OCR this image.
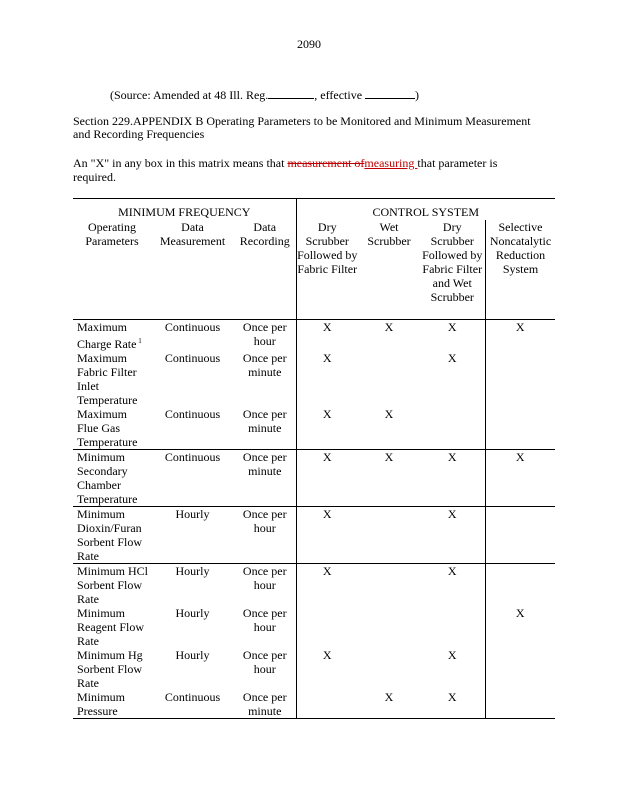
2090
(Source: Amended at 48 Ill. Reg.	, effective	)
Section 229.APPENDIX B Operating Parameters to be Monitored and Minimum Measurement and Recording Frequencies
An "X" in any box in this matrix means that measurement ofmeasuring that parameter is required.
MINIMUM FREQUENCY			CONTROL SYSTEM			
Operating Parameters	Data Measurement	Data Recording	Dry Scrubber Followed by Fabric Filter	Wet Scrubber	Dry Scrubber Followed by Fabric Filter and Wet Scrubber	Selective Noncatalytic Reduction System

Maximum Charge Rate $^1$	Continuous	Once per hour	X	X	X	X
Maximum Fabric Filter Inlet Temperature	Continuous	Once per minute	X		X	
Maximum Flue Gas Temperature	Continuous	Once per minute	X	X		
Minimum Secondary Chamber Temperature	Continuous	Once per minute	X	X	X	X
Minimum Dioxin/Furan Sorbent Flow Rate	Hourly	Once per hour	X		X	
Minimum HCl Sorbent Flow Rate	Hourly	Once per hour	X		X	
Minimum Reagent Flow Rate	Hourly	Once per hour				X
Minimum Hg Sorbent Flow Rate	Hourly	Once per hour	X		X	
Minimum Pressure	Continuous	Once per minute		X	X	
